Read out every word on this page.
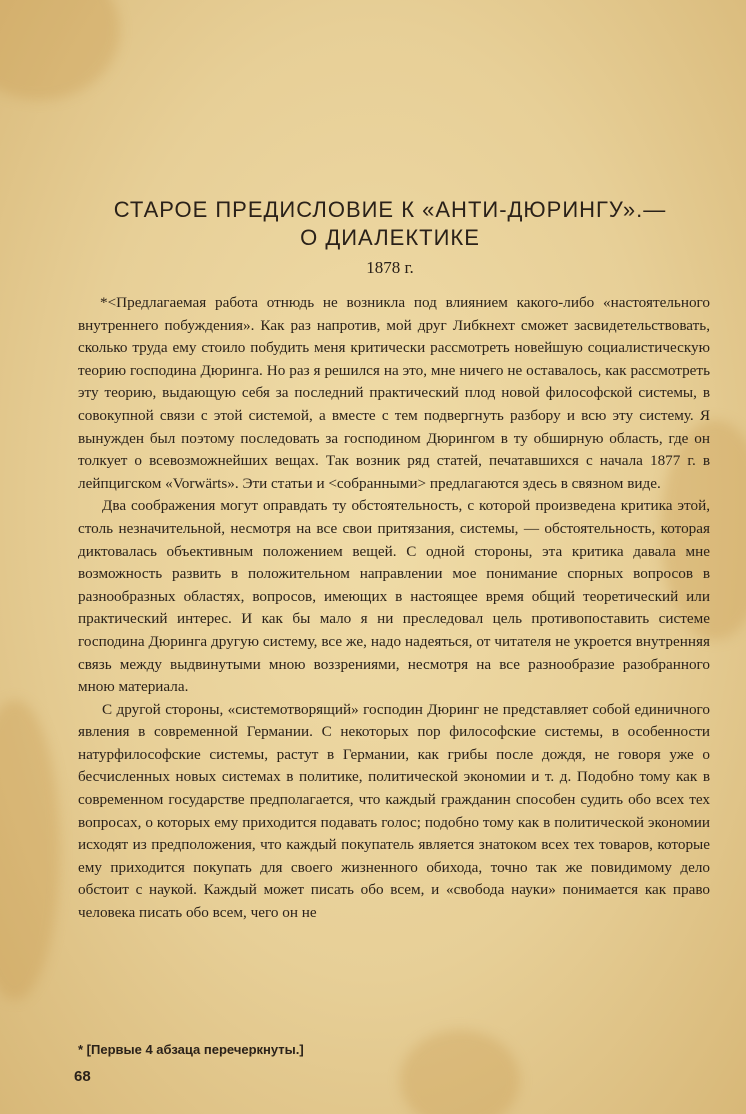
СТАРОЕ ПРЕДИСЛОВИЕ К «АНТИ-ДЮРИНГУ».—
О ДИАЛЕКТИКЕ
1878 г.

*<Предлагаемая работа отнюдь не возникла под влиянием какого-либо «настоятельного внутреннего побуждения». Как раз напротив, мой друг Либкнехт сможет засвидетельствовать, сколько труда ему стоило побудить меня критически рассмотреть новейшую социалистическую теорию господина Дюринга. Но раз я решился на это, мне ничего не оставалось, как рассмотреть эту теорию, выдающую себя за последний практический плод новой философской системы, в совокупной связи с этой системой, а вместе с тем подвергнуть разбору и всю эту систему. Я вынужден был поэтому последовать за господином Дюрингом в ту обширную область, где он толкует о всевозможнейших вещах. Так возник ряд статей, печатавшихся с начала 1877 г. в лейпцигском «Vorwärts». Эти статьи и <собранными> предлагаются здесь в связном виде.

Два соображения могут оправдать ту обстоятельность, с которой произведена критика этой, столь незначительной, несмотря на все свои притязания, системы, — обстоятельность, которая диктовалась объективным положением вещей. С одной стороны, эта критика давала мне возможность развить в положительном направлении мое понимание спорных вопросов в разнообразных областях, вопросов, имеющих в настоящее время общий теоретический или практический интерес. И как бы мало я ни преследовал цель противопоставить системе господина Дюринга другую систему, все же, надо надеяться, от читателя не укроется внутренняя связь между выдвинутыми мною воззрениями, несмотря на все разнообразие разобранного мною материала.

С другой стороны, «системотворящий» господин Дюринг не представляет собой единичного явления в современной Германии. С некоторых пор философские системы, в особенности натурфилософские системы, растут в Германии, как грибы после дождя, не говоря уже о бесчисленных новых системах в политике, политической экономии и т. д. Подобно тому как в современном государстве предполагается, что каждый гражданин способен судить обо всех тех вопросах, о которых ему приходится подавать голос; подобно тому как в политической экономии исходят из предположения, что каждый покупатель является знатоком всех тех товаров, которые ему приходится покупать для своего жизненного обихода, точно так же повидимому дело обстоит с наукой. Каждый может писать обо всем, и «свобода науки» понимается как право человека писать обо всем, чего он не

* [Первые 4 абзаца перечеркнуты.]
68
